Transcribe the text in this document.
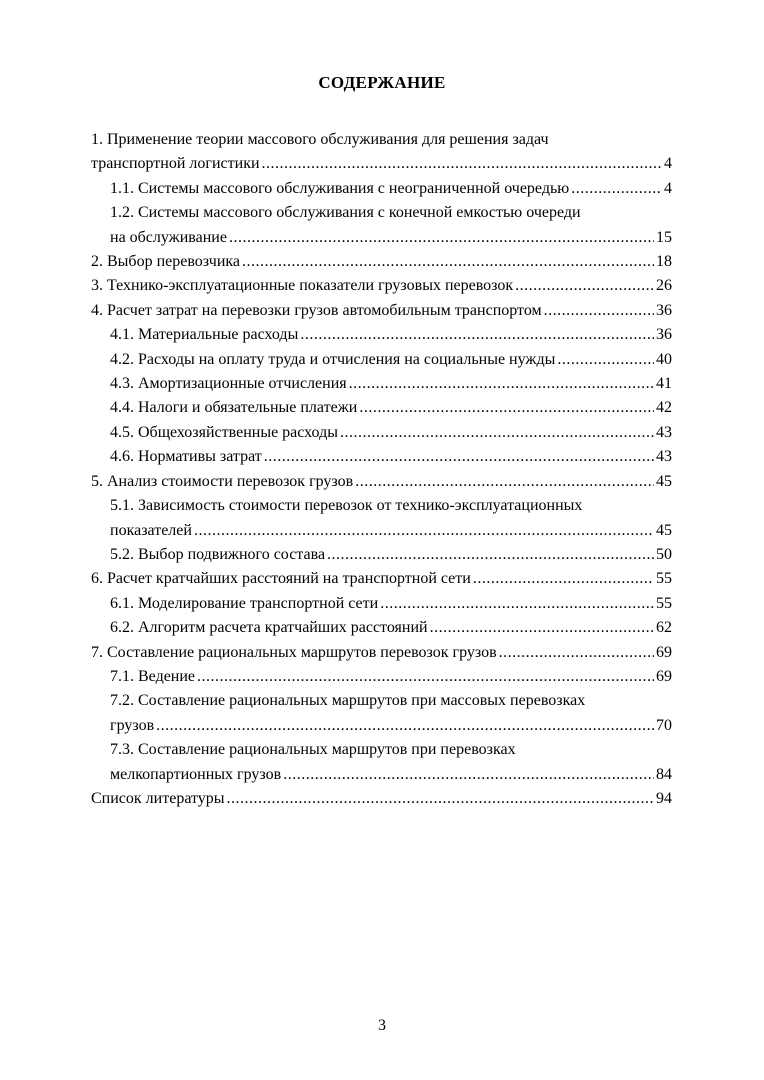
СОДЕРЖАНИЕ
1. Применение теории массового обслуживания для решения задач
транспортной логистики .....	4
1.1. Системы массового обслуживания с неограниченной очередью .....	4
1.2. Системы массового обслуживания с конечной емкостью очереди
на обслуживание .....	15
2. Выбор перевозчика .....	18
3. Технико-эксплуатационные показатели грузовых перевозок .....	26
4. Расчет затрат на перевозки грузов автомобильным транспортом .....	36
4.1. Материальные расходы .....	36
4.2. Расходы на оплату труда и отчисления на социальные нужды .....	40
4.3. Амортизационные отчисления .....	41
4.4. Налоги и обязательные платежи .....	42
4.5. Общехозяйственные расходы .....	43
4.6. Нормативы затрат .....	43
5. Анализ стоимости перевозок грузов .....	45
5.1. Зависимость стоимости перевозок от технико-эксплуатационных
показателей .....	45
5.2. Выбор подвижного состава .....	50
6. Расчет кратчайших расстояний на транспортной сети .....	55
6.1. Моделирование транспортной сети .....	55
6.2. Алгоритм расчета кратчайших расстояний .....	62
7. Составление рациональных маршрутов перевозок грузов .....	69
7.1. Ведение .....	69
7.2. Составление рациональных маршрутов при массовых перевозках
грузов .....	70
7.3. Составление рациональных маршрутов при перевозках
мелкопартионных грузов .....	84
Список литературы .....	94
3
